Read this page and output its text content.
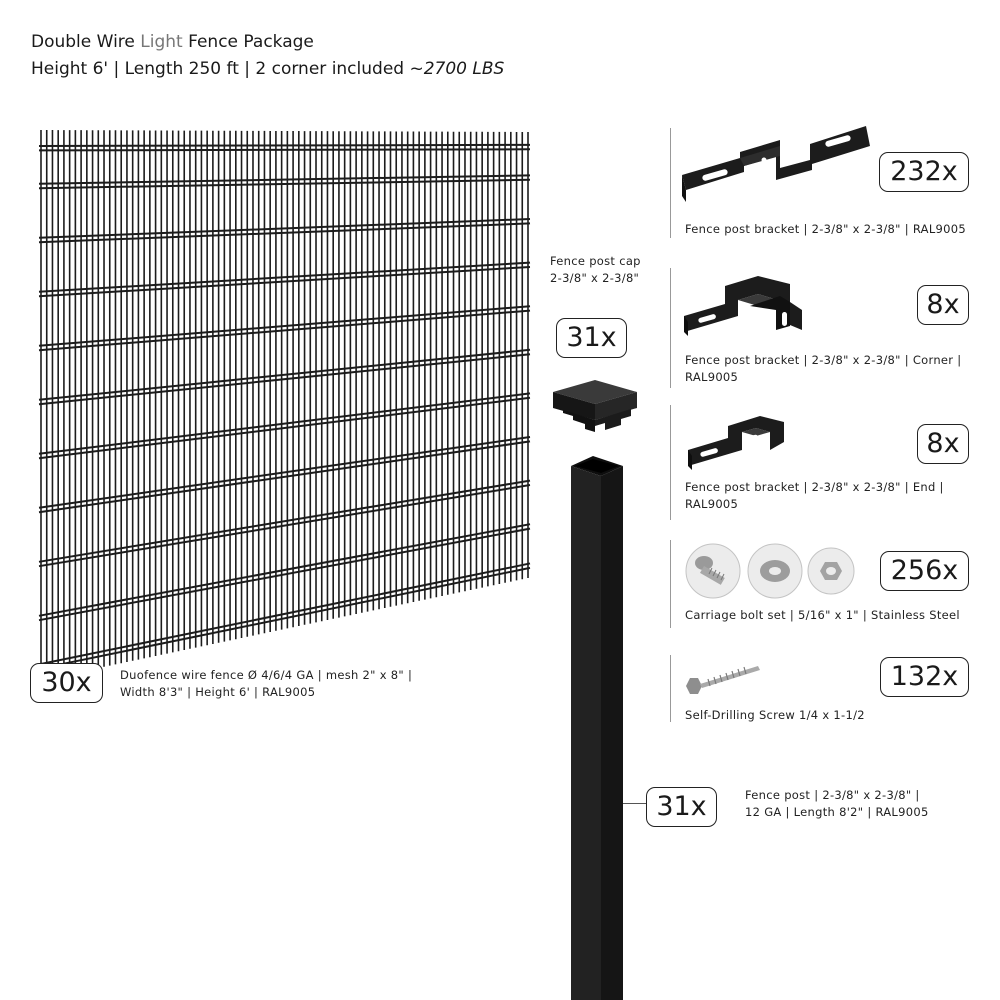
Double Wire Light Fence Package
Height 6' | Length 250 ft | 2 corner included ~2700 LBS
30x	Duofence wire fence Ø 4/6/4 GA | mesh 2" x 8" |
Width 8'3" | Height 6' | RAL9005
Fence post cap
2-3/8" x 2-3/8"
31x
31x	Fence post | 2-3/8" x 2-3/8" |
12 GA | Length 8'2" | RAL9005
232x
Fence post bracket | 2-3/8" x 2-3/8" | RAL9005
8x
Fence post bracket | 2-3/8" x 2-3/8" | Corner |
RAL9005
8x
Fence post bracket | 2-3/8" x 2-3/8" | End |
RAL9005
256x
Carriage bolt set | 5/16" x 1" | Stainless Steel
132x
Self-Drilling Screw 1/4 x 1-1/2
